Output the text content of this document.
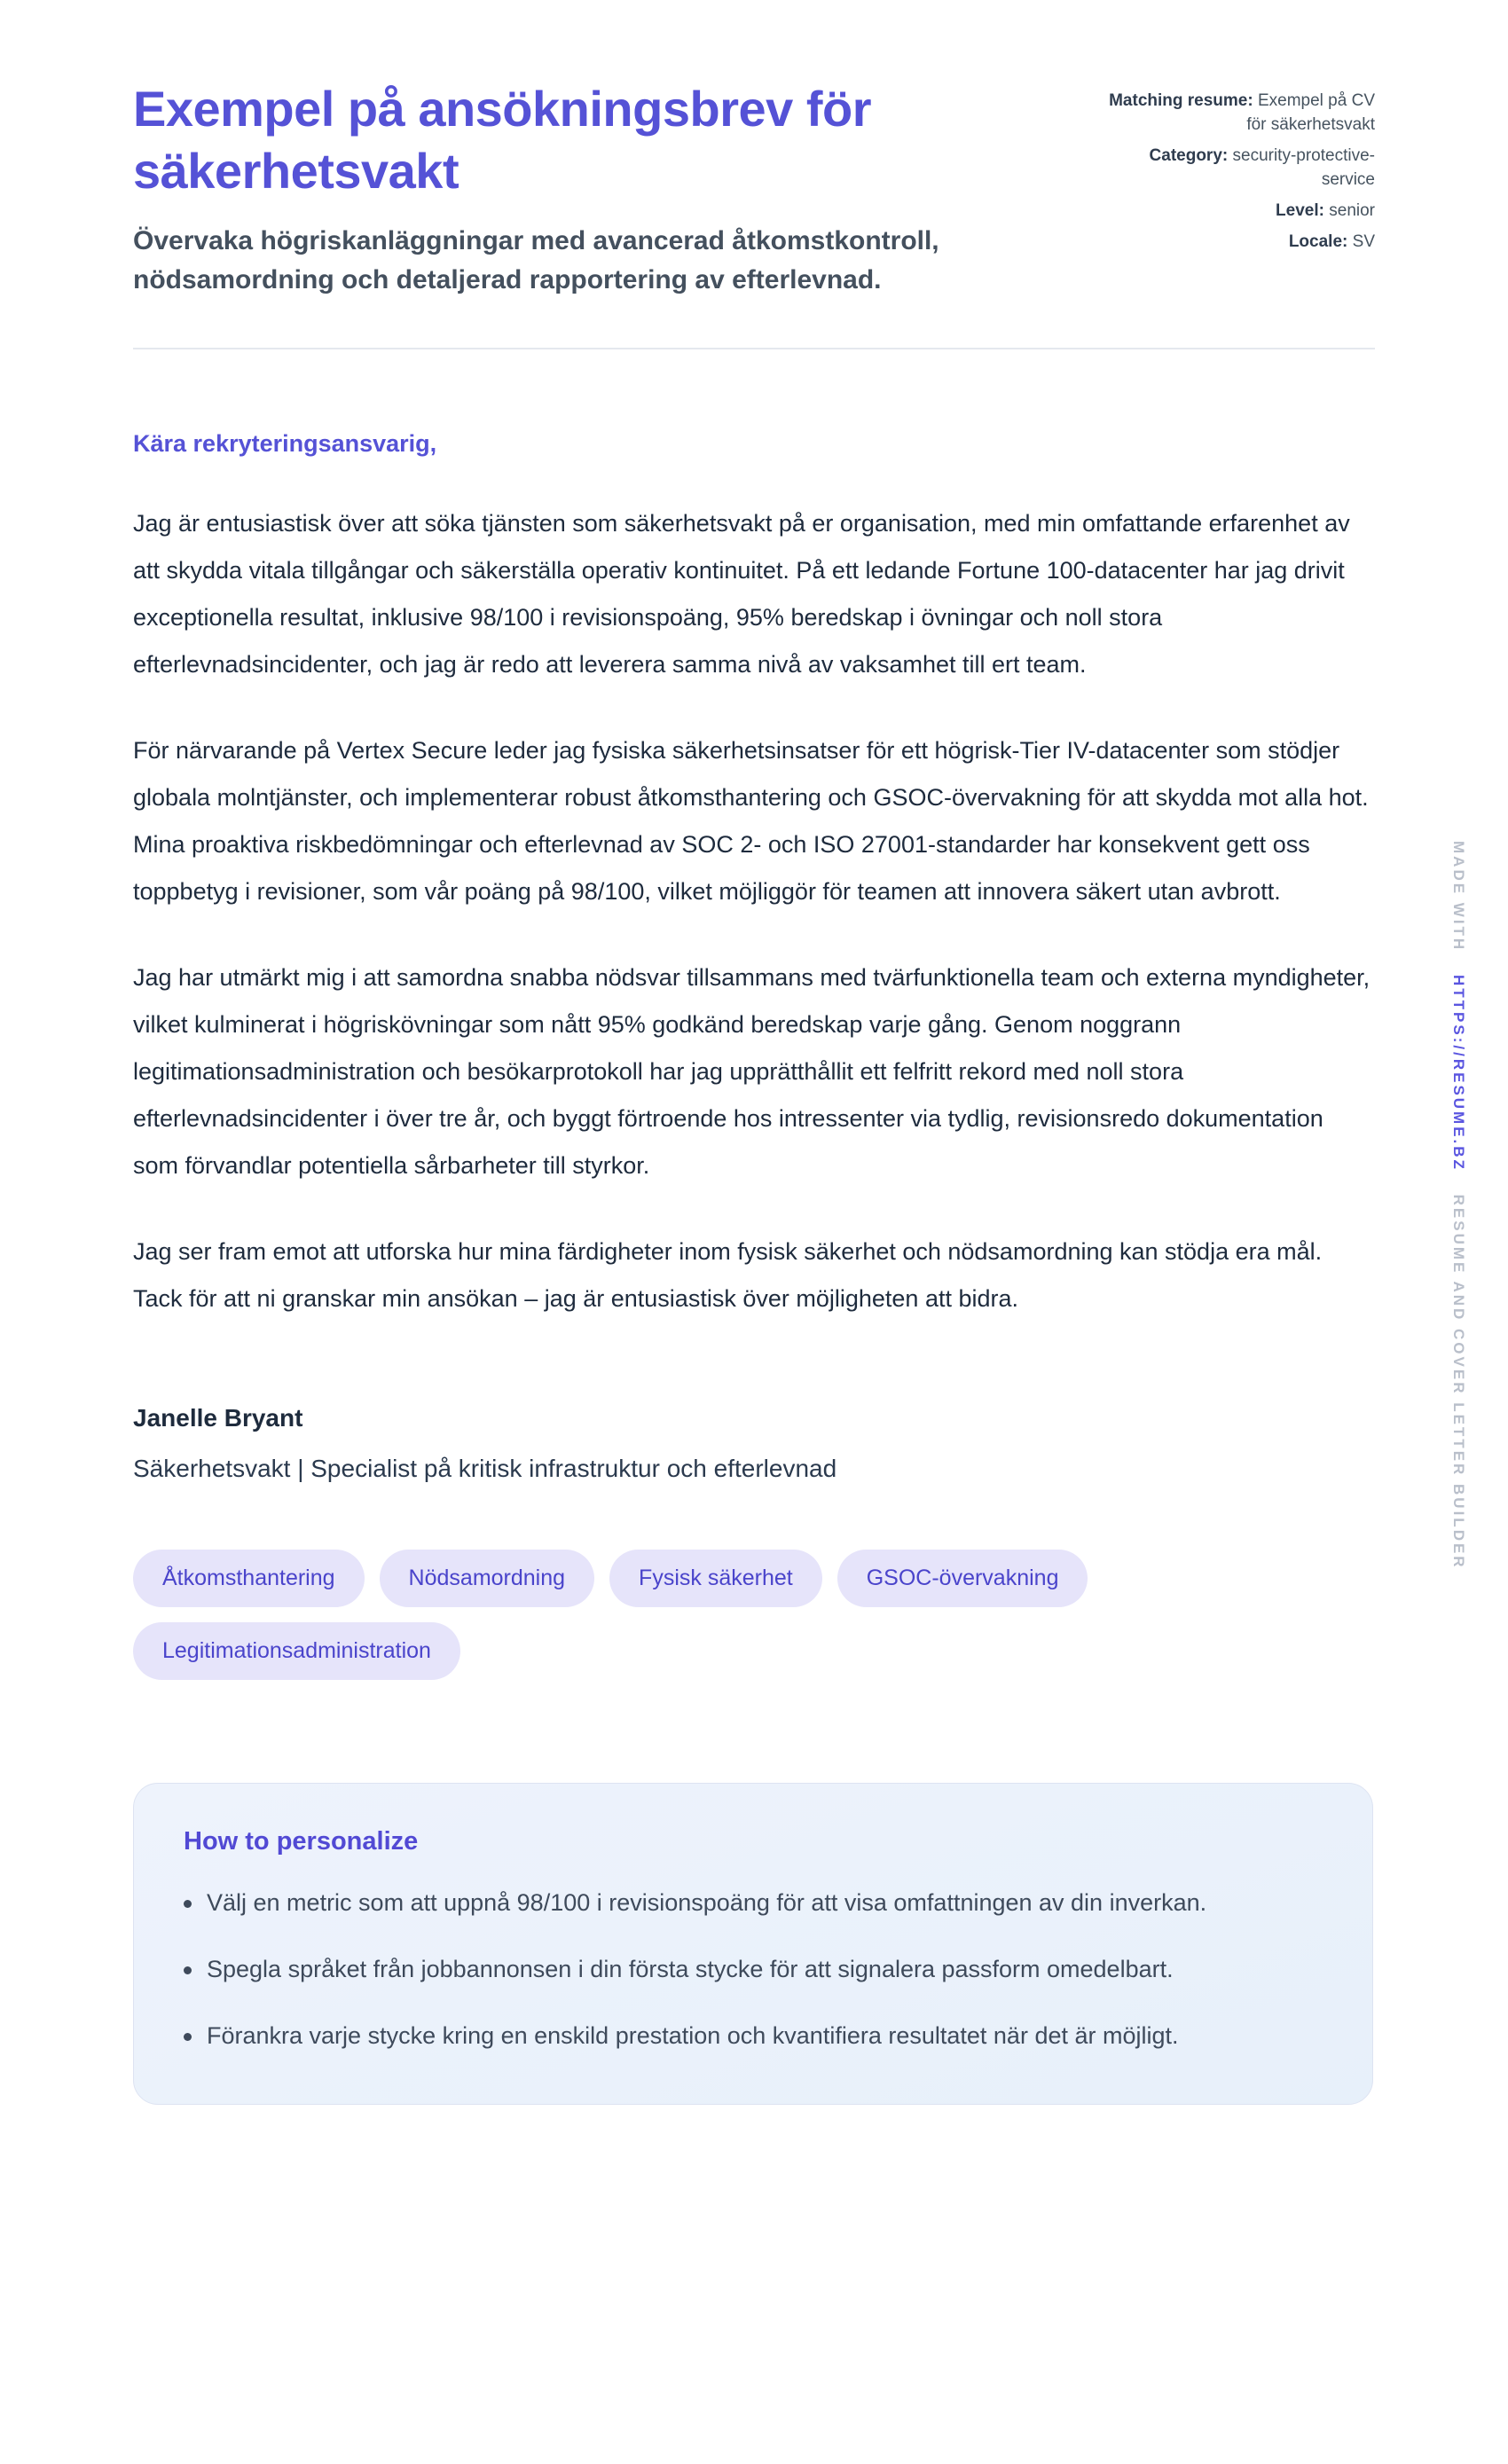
Exempel på ansökningsbrev för säkerhetsvakt

Övervaka högriskanläggningar med avancerad åtkomstkontroll, nödsamordning och detaljerad rapportering av efterlevnad.

Matching resume: Exempel på CV för säkerhetsvakt
Category: security-protective-service
Level: senior
Locale: SV

Kära rekryteringsansvarig,

Jag är entusiastisk över att söka tjänsten som säkerhetsvakt på er organisation, med min omfattande erfarenhet av att skydda vitala tillgångar och säkerställa operativ kontinuitet. På ett ledande Fortune 100-datacenter har jag drivit exceptionella resultat, inklusive 98/100 i revisionspoäng, 95% beredskap i övningar och noll stora efterlevnadsincidenter, och jag är redo att leverera samma nivå av vaksamhet till ert team.

För närvarande på Vertex Secure leder jag fysiska säkerhetsinsatser för ett högrisk-Tier IV-datacenter som stödjer globala molntjänster, och implementerar robust åtkomsthantering och GSOC-övervakning för att skydda mot alla hot. Mina proaktiva riskbedömningar och efterlevnad av SOC 2- och ISO 27001-standarder har konsekvent gett oss toppbetyg i revisioner, som vår poäng på 98/100, vilket möjliggör för teamen att innovera säkert utan avbrott.

Jag har utmärkt mig i att samordna snabba nödsvar tillsammans med tvärfunktionella team och externa myndigheter, vilket kulminerat i högriskövningar som nått 95% godkänd beredskap varje gång. Genom noggrann legitimationsadministration och besökarprotokoll har jag upprätthållit ett felfritt rekord med noll stora efterlevnadsincidenter i över tre år, och byggt förtroende hos intressenter via tydlig, revisionsredo dokumentation som förvandlar potentiella sårbarheter till styrkor.

Jag ser fram emot att utforska hur mina färdigheter inom fysisk säkerhet och nödsamordning kan stödja era mål. Tack för att ni granskar min ansökan – jag är entusiastisk över möjligheten att bidra.

Janelle Bryant

Säkerhetsvakt | Specialist på kritisk infrastruktur och efterlevnad

Åtkomsthantering	Nödsamordning	Fysisk säkerhet	GSOC-övervakning
Legitimationsadministration
How to personalize
Välj en metric som att uppnå 98/100 i revisionspoäng för att visa omfattningen av din inverkan.
Spegla språket från jobbannonsen i din första stycke för att signalera passform omedelbart.
Förankra varje stycke kring en enskild prestation och kvantifiera resultatet när det är möjligt.
MADE WITH HTTPS://RESUME.BZ RESUME AND COVER LETTER BUILDER
